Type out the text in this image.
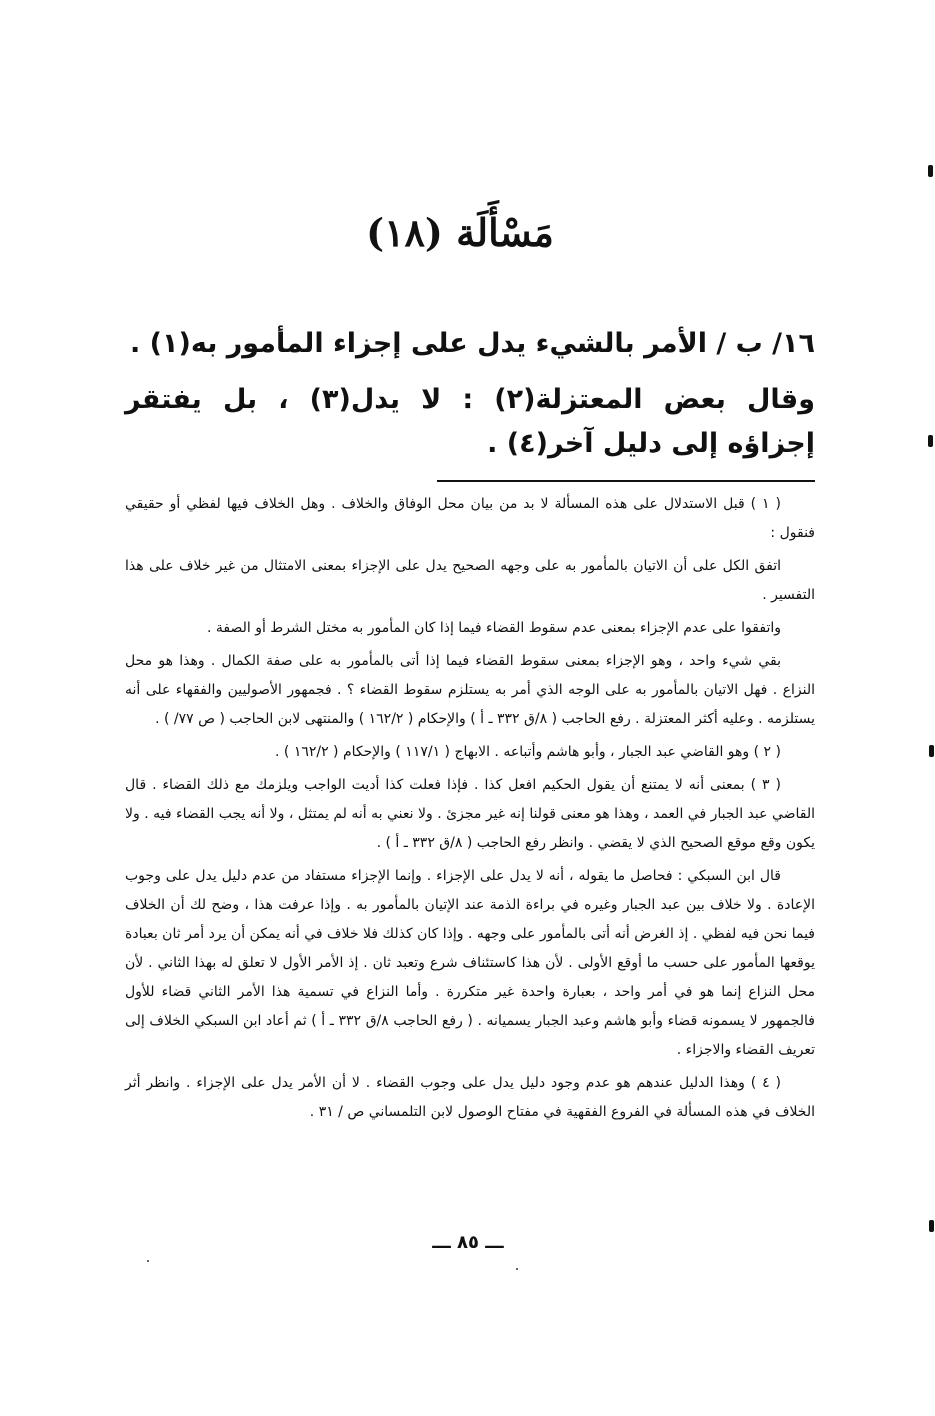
مَسْأَلَة (١٨)
١٦/ ب / الأمر بالشيء يدل على إجزاء المأمور به(١) .
وقال بعض المعتزلة(٢) : لا يدل(٣) ، بل يفتقر إجزاؤه إلى دليل آخر(٤) .

( ١ ) قبل الاستدلال على هذه المسألة لا بد من بيان محل الوفاق والخلاف . وهل الخلاف فيها لفظي أو حقيقي فنقول :

اتفق الكل على أن الاتيان بالمأمور به على وجهه الصحيح يدل على الإجزاء بمعنى الامتثال من غير خلاف على هذا التفسير .

واتفقوا على عدم الإجزاء بمعنى عدم سقوط القضاء فيما إذا كان المأمور به مختل الشرط أو الصفة .

بقي شيء واحد ، وهو الإجزاء بمعنى سقوط القضاء فيما إذا أتى بالمأمور به على صفة الكمال . وهذا هو محل النزاع . فهل الاتيان بالمأمور به على الوجه الذي أمر به يستلزم سقوط القضاء ؟ . فجمهور الأصوليين والفقهاء على أنه يستلزمه . وعليه أكثر المعتزلة . رفع الحاجب ( ٨/ق ٣٣٢ ـ أ ) والإحكام ( ١٦٢/٢ ) والمنتهى لابن الحاجب ( ص ٧٧/ ) .

( ٢ ) وهو القاضي عبد الجبار ، وأبو هاشم وأتباعه . الابهاج ( ١١٧/١ ) والإحكام ( ١٦٢/٢ ) .

( ٣ ) بمعنى أنه لا يمتنع أن يقول الحكيم افعل كذا . فإذا فعلت كذا أديت الواجب ويلزمك مع ذلك القضاء . قال القاضي عبد الجبار في العمد ، وهذا هو معنى قولنا إنه غير مجزئ . ولا نعني به أنه لم يمتثل ، ولا أنه يجب القضاء فيه . ولا يكون وقع موقع الصحيح الذي لا يقضي . وانظر رفع الحاجب ( ٨/ق ٣٣٢ ـ أ ) .

قال ابن السبكي : فحاصل ما يقوله ، أنه لا يدل على الإجزاء . وإنما الإجزاء مستفاد من عدم دليل يدل على وجوب الإعادة . ولا خلاف بين عبد الجبار وغيره في براءة الذمة عند الإتيان بالمأمور به . وإذا عرفت هذا ، وضح لك أن الخلاف فيما نحن فيه لفظي . إذ الغرض أنه أتى بالمأمور على وجهه . وإذا كان كذلك فلا خلاف في أنه يمكن أن يرد أمر ثان بعبادة يوقعها المأمور على حسب ما أوقع الأولى . لأن هذا كاستئناف شرع وتعبد ثان . إذ الأمر الأول لا تعلق له بهذا الثاني . لأن محل النزاع إنما هو في أمر واحد ، بعبارة واحدة غير متكررة . وأما النزاع في تسمية هذا الأمر الثاني قضاء للأول فالجمهور لا يسمونه قضاء وأبو هاشم وعبد الجبار يسميانه . ( رفع الحاجب ٨/ق ٣٣٢ ـ أ ) ثم أعاد ابن السبكي الخلاف إلى تعريف القضاء والاجزاء .

( ٤ ) وهذا الدليل عندهم هو عدم وجود دليل يدل على وجوب القضاء . لا أن الأمر يدل على الإجزاء . وانظر أثر الخلاف في هذه المسألة في الفروع الفقهية في مفتاح الوصول لابن التلمساني ص / ٣١ .

ـــ ٨٥ ـــ
